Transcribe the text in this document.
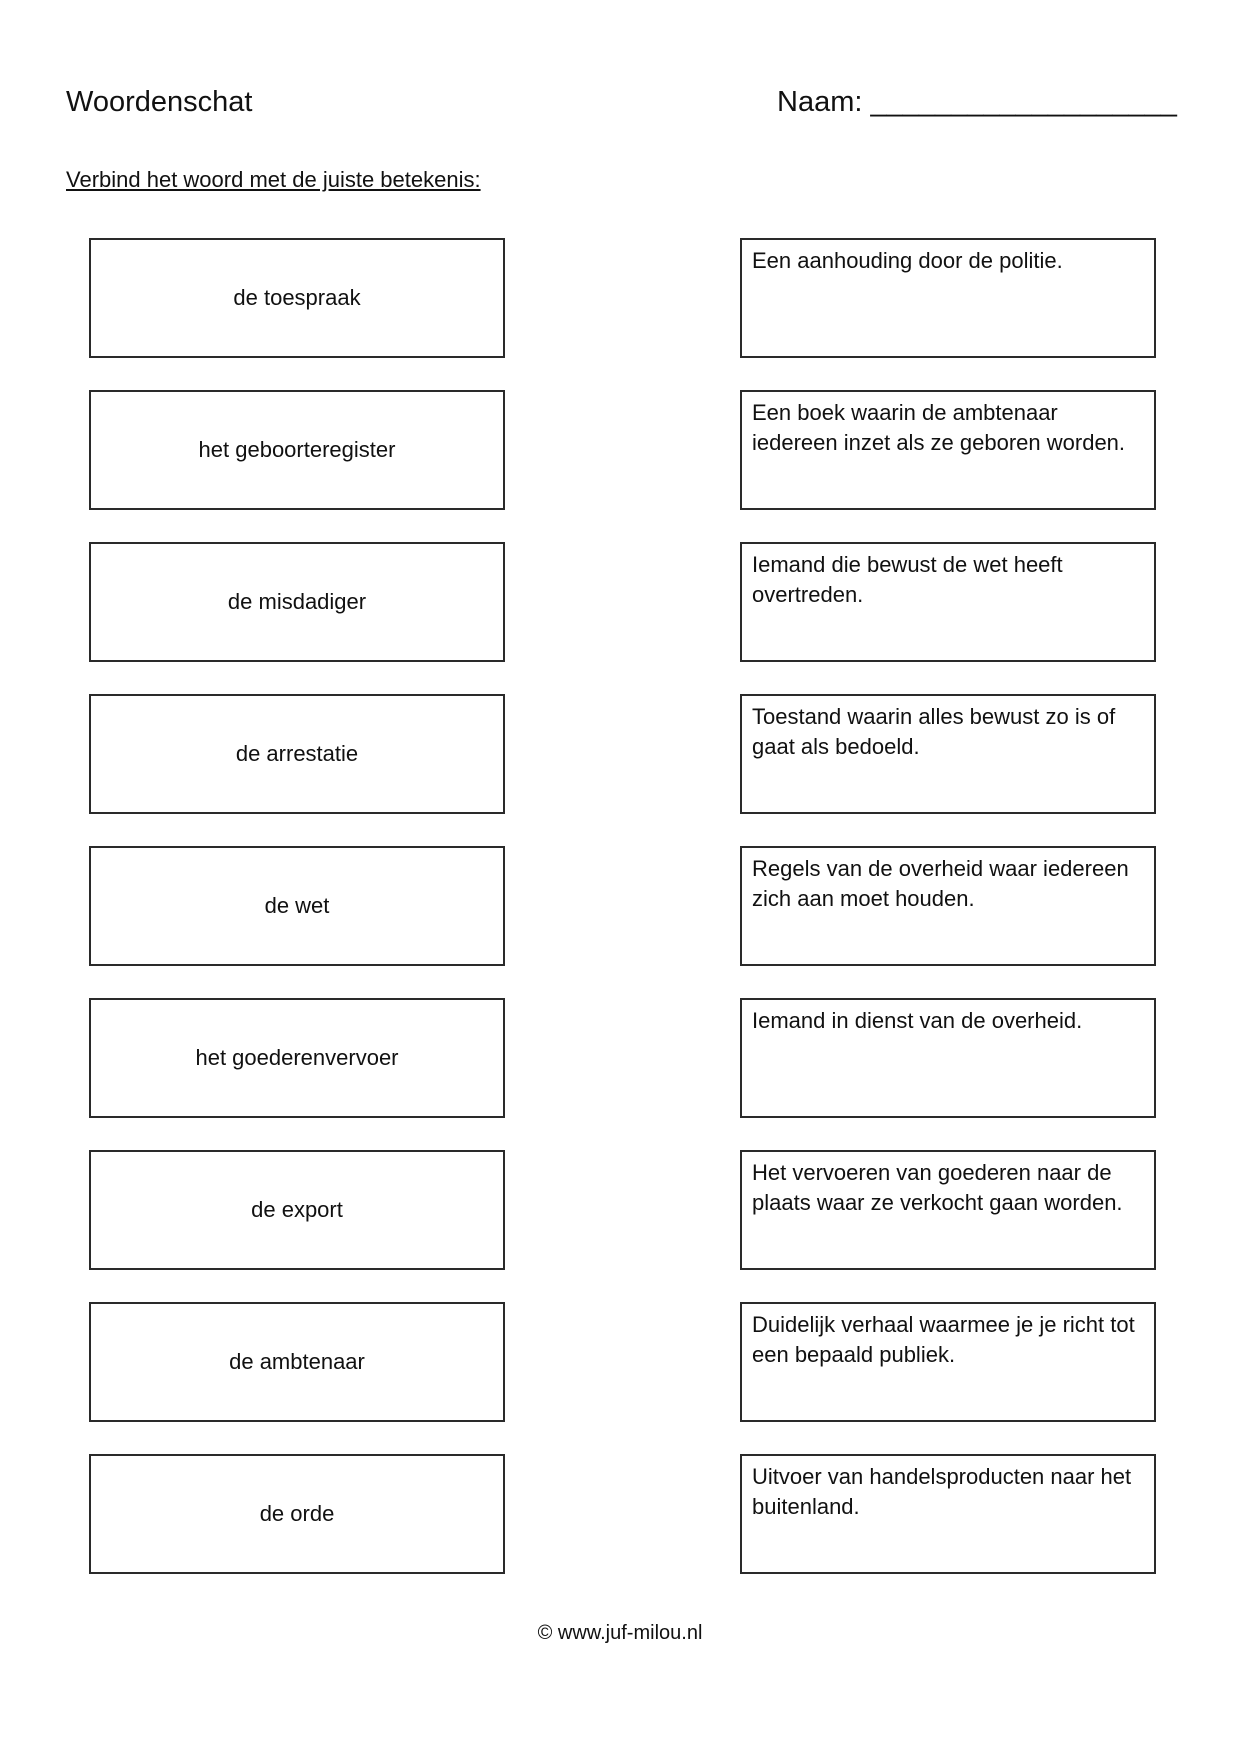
Woordenschat	Naam: ___________________
Verbind het woord met de juiste betekenis:
de toespraak
het geboorteregister
de misdadiger
de arrestatie
de wet
het goederenvervoer
de export
de ambtenaar
de orde
Een aanhouding door de politie.
Een boek waarin de ambtenaar iedereen inzet als ze geboren worden.
Iemand die bewust de wet heeft overtreden.
Toestand waarin alles bewust zo is of gaat als bedoeld.
Regels van de overheid waar iedereen zich aan moet houden.
Iemand in dienst van de overheid.
Het vervoeren van goederen naar de plaats waar ze verkocht gaan worden.
Duidelijk verhaal waarmee je je richt tot een bepaald publiek.
Uitvoer van handelsproducten naar het buitenland.
© www.juf-milou.nl
